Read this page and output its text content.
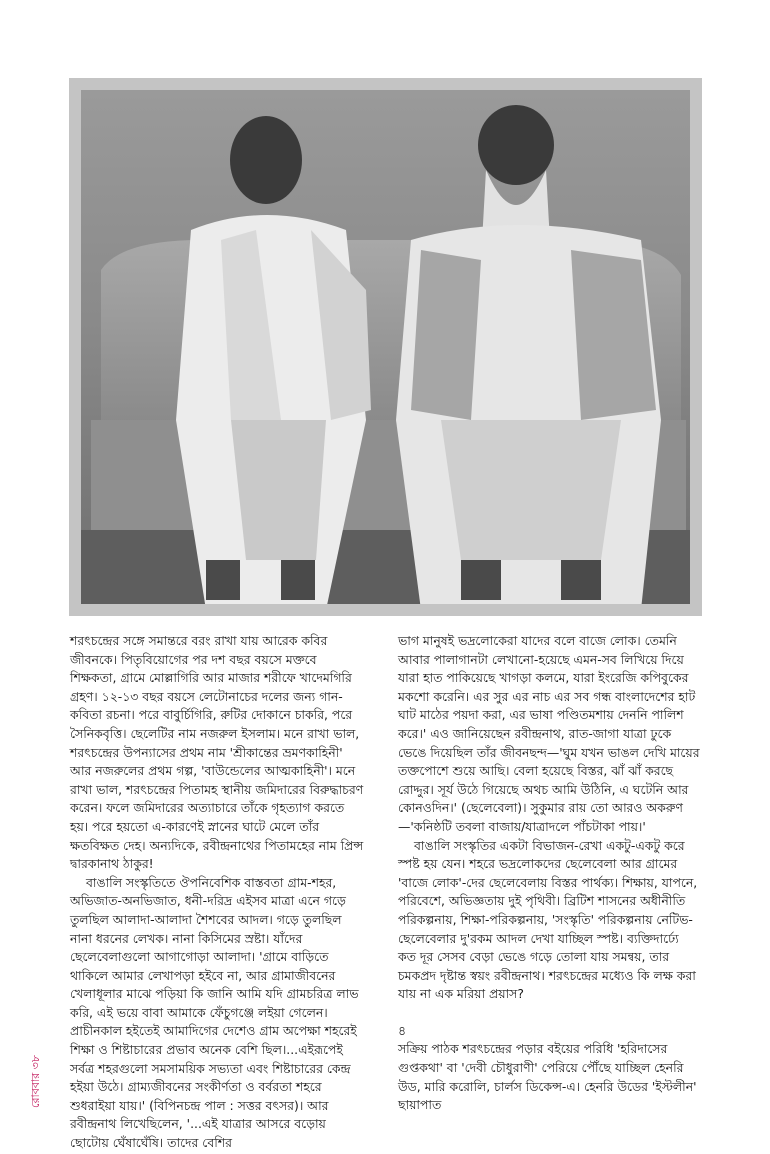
শরৎচন্দ্রের সঙ্গে সমান্তরে বরং রাখা যায় আরেক কবির জীবনকে। পিতৃবিয়োগের পর দশ বছর বয়সে মক্তবে শিক্ষকতা, গ্রামে মোল্লাগিরি আর মাজার শরীফে খাদেমগিরি গ্রহণ। ১২-১৩ বছর বয়সে লেটোনাচের দলের জন্য গান-কবিতা রচনা। পরে বাবুর্চিগিরি, রুটির দোকানে চাকরি, পরে সৈনিকবৃত্তি। ছেলেটির নাম নজরুল ইসলাম। মনে রাখা ভাল, শরৎচন্দ্রের উপন্যাসের প্রথম নাম 'শ্রীকান্তের ভ্রমণকাহিনী' আর নজরুলের প্রথম গল্প, 'বাউন্ডেলের আত্মকাহিনী'। মনে রাখা ভাল, শরৎচন্দ্রের পিতামহ স্থানীয় জমিদারের বিরুদ্ধাচরণ করেন। ফলে জমিদারের অত্যাচারে তাঁকে গৃহত্যাগ করতে হয়। পরে হয়তো এ-কারণেই স্নানের ঘাটে মেলে তাঁর ক্ষতবিক্ষত দেহ। অন্যদিকে, রবীন্দ্রনাথের পিতামহের নাম প্রিন্স দ্বারকানাথ ঠাকুর!

বাঙালি সংস্কৃতিতে ঔপনিবেশিক বাস্তবতা গ্রাম-শহর, অভিজাত-অনভিজাত, ধনী-দরিদ্র এইসব মাত্রা এনে গড়ে তুলছিল আলাদা-আলাদা শৈশবের আদল। গড়ে তুলছিল নানা ধরনের লেখক। নানা কিসিমের স্রষ্টা। যাঁদের ছেলেবেলাগুলো আগাগোড়া আলাদা। 'গ্রামে বাড়িতে থাকিলে আমার লেখাপড়া হইবে না, আর গ্রামাজীবনের খেলাধূলার মাঝে পড়িয়া কি জানি আমি যদি গ্রামচরিত্র লাভ করি, এই ভয়ে বাবা আমাকে ফেঁচুগঞ্জে লইয়া গেলেন। প্রাচীনকাল হইতেই আমাদিগের দেশেও গ্রাম অপেক্ষা শহরেই শিক্ষা ও শিষ্টাচারের প্রভাব অনেক বেশি ছিল।...এইরূপেই সর্বত্র শহরগুলো সমসাময়িক সভ্যতা এবং শিষ্টাচারের কেন্দ্র হইয়া উঠে। গ্রাম্যজীবনের সংকীর্ণতা ও বর্বরতা শহরে শুধরাইয়া যায়।' (বিপিনচন্দ্র পাল : সত্তর বৎসর)। আর রবীন্দ্রনাথ লিখেছিলেন, '...এই যাত্রার আসরে বড়োয় ছোটোয় ঘেঁষাঘেঁষি। তাদের বেশির

ভাগ মানুষই ভদ্রলোকেরা যাদের বলে বাজে লোক। তেমনি আবার পালাগানটা লেখানো-হয়েছে এমন-সব লিখিয়ে দিয়ে যারা হাত পাকিয়েছে খাগড়া কলমে, যারা ইংরেজি কপিবুকের মকশো করেনি। এর সুর এর নাচ এর সব গন্ধ বাংলাদেশের হাট ঘাট মাঠের পয়দা করা, এর ভাষা পণ্ডিতমশায় দেননি পালিশ করে।' এও জানিয়েছেন রবীন্দ্রনাথ, রাত-জাগা যাত্রা ঢুকে ভেঙে দিয়েছিল তাঁর জীবনছন্দ—'ঘুম যখন ভাঙল দেখি মায়ের তক্তপোশে শুয়ে আছি। বেলা হয়েছে বিস্তর, ঝাঁ ঝাঁ করছে রোদ্দুর। সূর্য উঠে গিয়েছে অথচ আমি উঠিনি, এ ঘটেনি আর কোনওদিন।' (ছেলেবেলা)। সুকুমার রায় তো আরও অকরুণ—'কনিষ্ঠটি তবলা বাজায়/যাত্রাদলে পাঁচটাকা পায়।'

বাঙালি সংস্কৃতির একটা বিভাজন-রেখা একটু-একটু করে স্পষ্ট হয় যেন। শহরে ভদ্রলোকদের ছেলেবেলা আর গ্রামের 'বাজে লোক'-দের ছেলেবেলায় বিস্তর পার্থক্য। শিক্ষায়, যাপনে, পরিবেশে, অভিজ্ঞতায় দুই পৃথিবী। ব্রিটিশ শাসনের অধীনীতি পরিকল্পনায়, শিক্ষা-পরিকল্পনায়, 'সংস্কৃতি' পরিকল্পনায় নেটিভ-ছেলেবেলার দু'রকম আদল দেখা যাচ্ছিল স্পষ্ট। ব্যক্তিদার্ঢ্যে কত দূর সেসব বেড়া ভেঙে গড়ে তোলা যায় সমন্বয়, তার চমকপ্রদ দৃষ্টান্ত স্বয়ং রবীন্দ্রনাথ। শরৎচন্দ্রের মধ্যেও কি লক্ষ করা যায় না এক মরিয়া প্রয়াস?

৪

সক্রিয় পাঠক শরৎচন্দ্রের পড়ার বইয়ের পরিধি 'হরিদাসের গুপ্তকথা' বা 'দেবী চৌধুরাণী' পেরিয়ে পৌঁছে যাচ্ছিল হেনরি উড, মারি করোলি, চার্লস ডিকেন্স-এ। হেনরি উডের 'ইস্টলীন' ছায়াপাত

রোববার ৩৮
